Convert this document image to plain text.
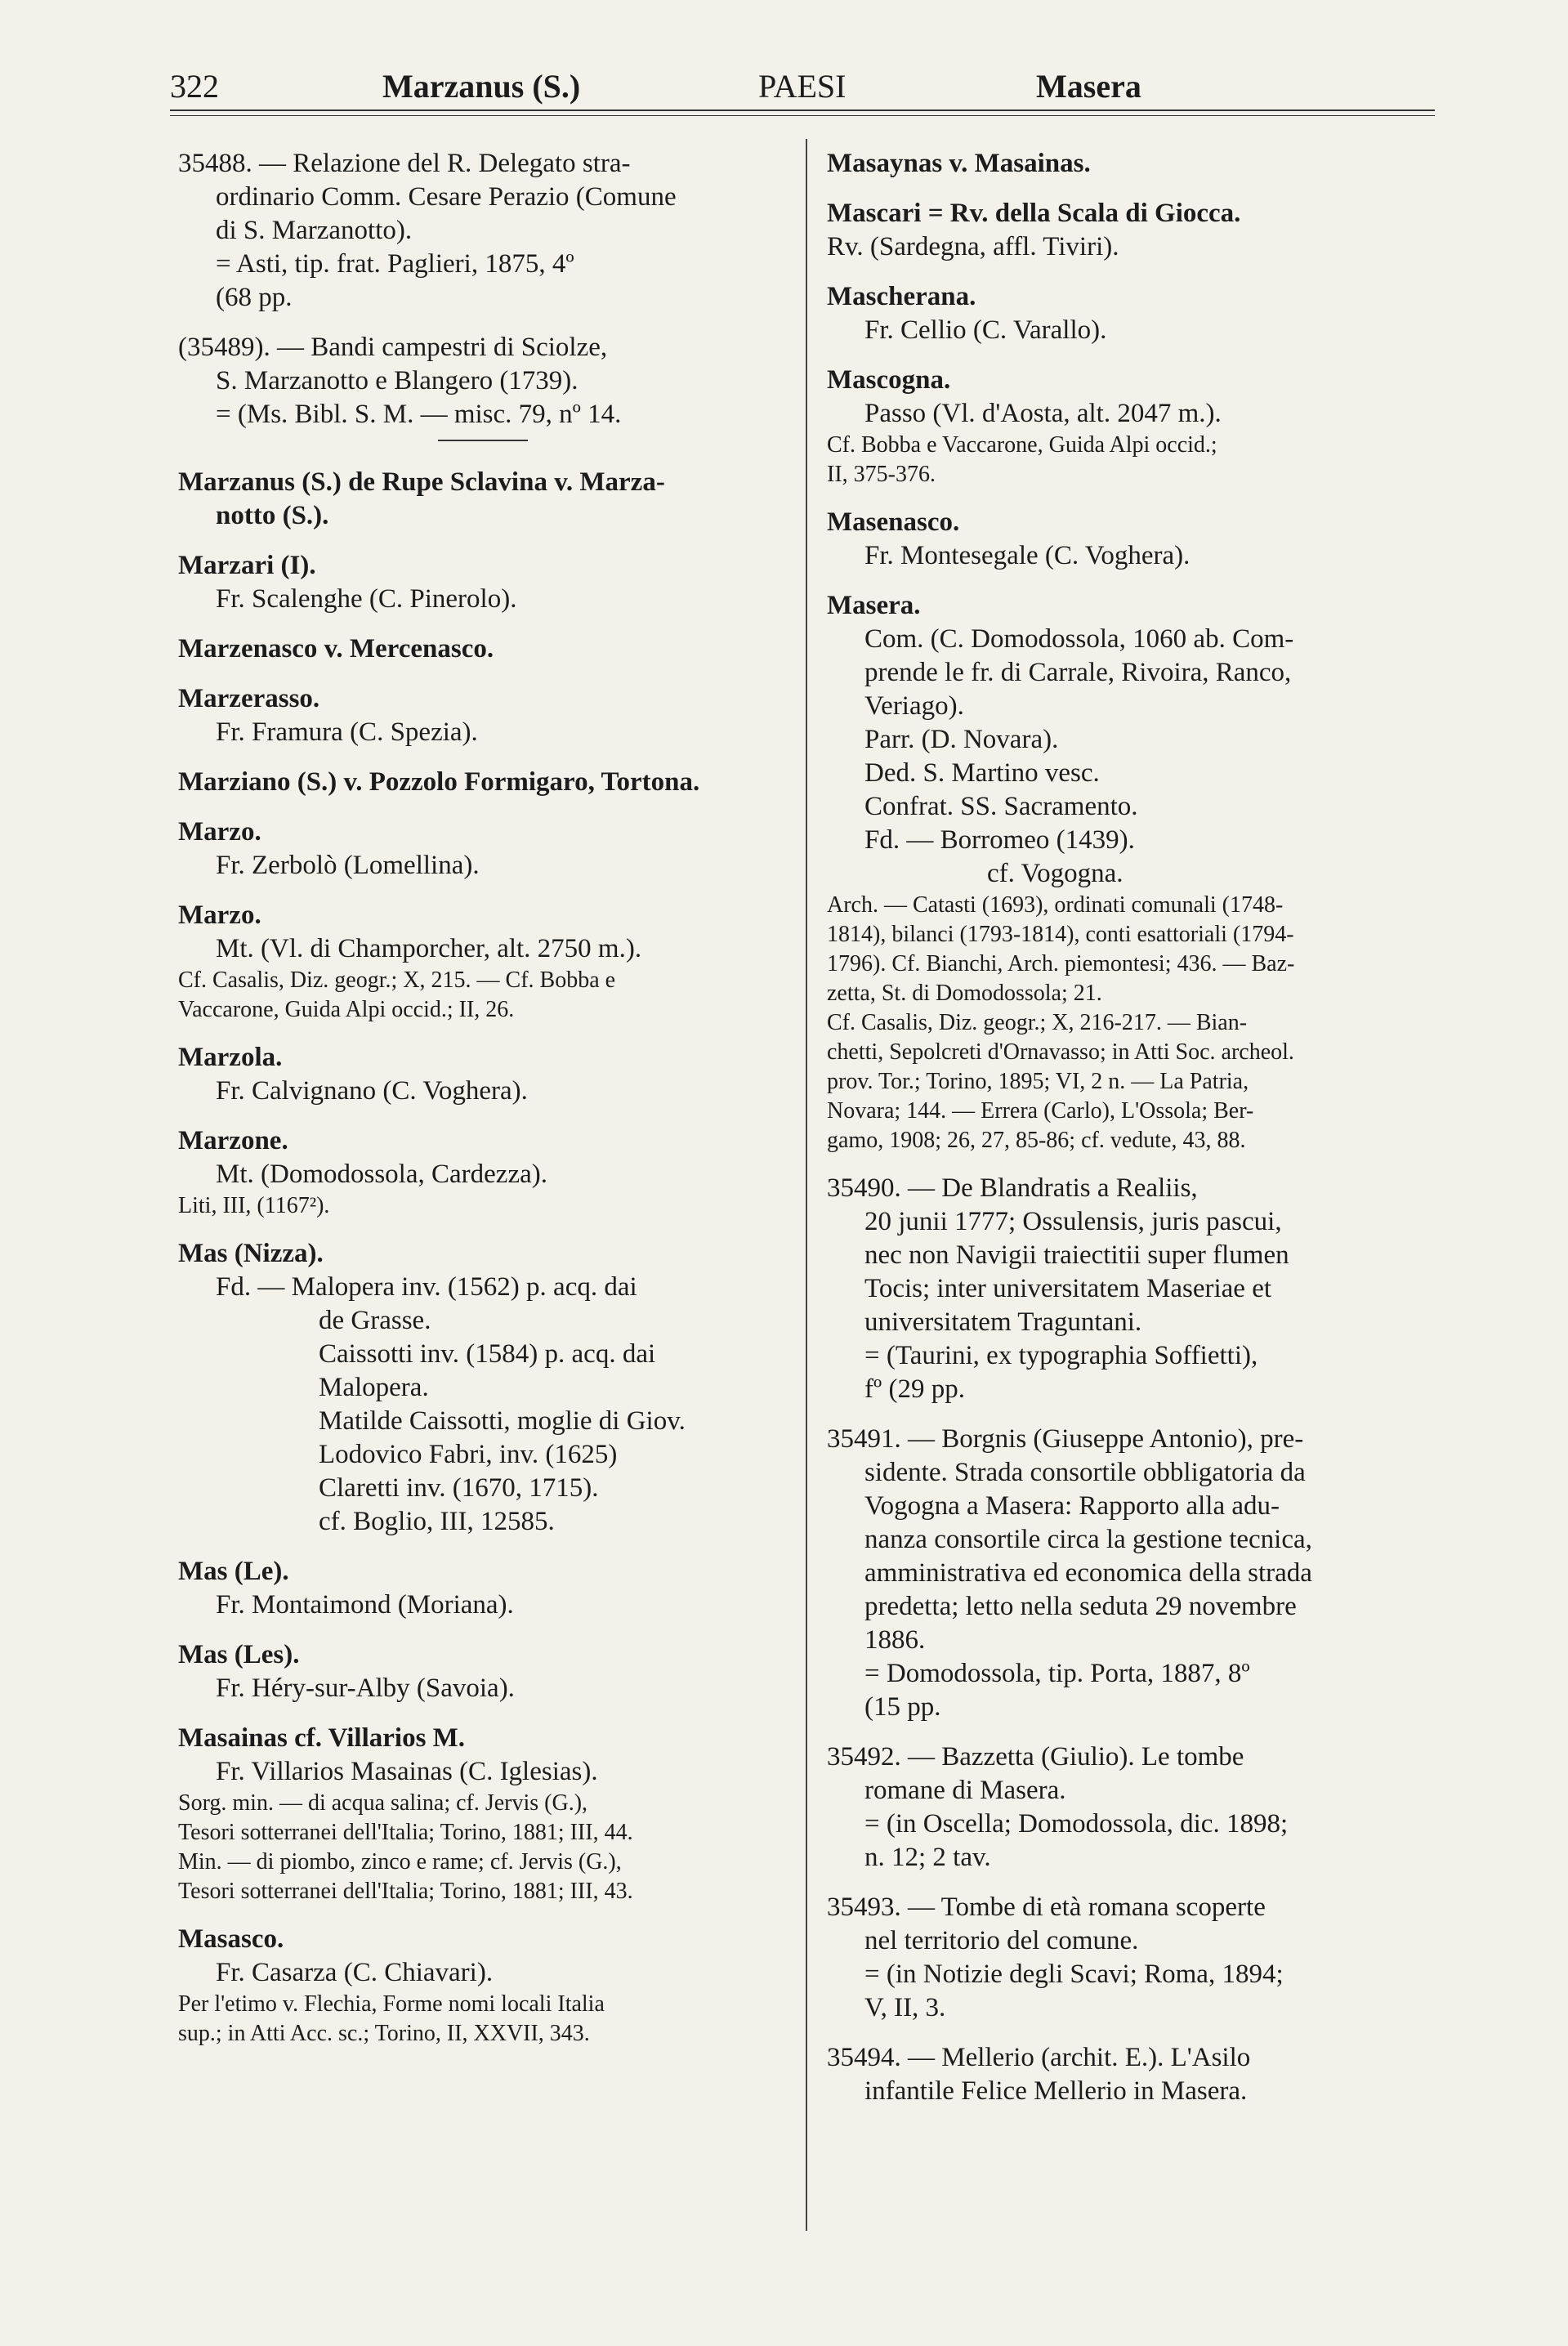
322	Marzanus (S.)	PAESI	Masera
35488. — Relazione del R. Delegato stra-
ordinario Comm. Cesare Perazio (Comune
di S. Marzanotto).
= Asti, tip. frat. Paglieri, 1875, 4º
(68 pp.
(35489). — Bandi campestri di Sciolze,
S. Marzanotto e Blangero (1739).
= (Ms. Bibl. S. M. — misc. 79, nº 14.
Marzanus (S.) de Rupe Sclavina v. Marza-
notto (S.).
Marzari (I).
Fr. Scalenghe (C. Pinerolo).
Marzenasco v. Mercenasco.
Marzerasso.
Fr. Framura (C. Spezia).
Marziano (S.) v. Pozzolo Formigaro, Tortona.
Marzo.
Fr. Zerbolò (Lomellina).
Marzo.
Mt. (Vl. di Champorcher, alt. 2750 m.).
Cf. Casalis, Diz. geogr.; X, 215. — Cf. Bobba e
Vaccarone, Guida Alpi occid.; II, 26.
Marzola.
Fr. Calvignano (C. Voghera).
Marzone.
Mt. (Domodossola, Cardezza).
Liti, III, (1167²).
Mas (Nizza).
Fd. — Malopera inv. (1562) p. acq. dai
de Grasse.
Caissotti inv. (1584) p. acq. dai
Malopera.
Matilde Caissotti, moglie di Giov.
Lodovico Fabri, inv. (1625)
Claretti inv. (1670, 1715).
cf. Boglio, III, 12585.
Mas (Le).
Fr. Montaimond (Moriana).
Mas (Les).
Fr. Héry-sur-Alby (Savoia).
Masainas cf. Villarios M.
Fr. Villarios Masainas (C. Iglesias).
Sorg. min. — di acqua salina; cf. Jervis (G.),
Tesori sotterranei dell'Italia; Torino, 1881; III, 44.
Min. — di piombo, zinco e rame; cf. Jervis (G.),
Tesori sotterranei dell'Italia; Torino, 1881; III, 43.
Masasco.
Fr. Casarza (C. Chiavari).
Per l'etimo v. Flechia, Forme nomi locali Italia
sup.; in Atti Acc. sc.; Torino, II, XXVII, 343.
Masaynas v. Masainas.
Mascari = Rv. della Scala di Giocca.
Rv. (Sardegna, affl. Tiviri).
Mascherana.
Fr. Cellio (C. Varallo).
Mascogna.
Passo (Vl. d'Aosta, alt. 2047 m.).
Cf. Bobba e Vaccarone, Guida Alpi occid.;
II, 375-376.
Masenasco.
Fr. Montesegale (C. Voghera).
Masera.
Com. (C. Domodossola, 1060 ab. Com-
prende le fr. di Carrale, Rivoira, Ranco,
Veriago).
Parr. (D. Novara).
Ded. S. Martino vesc.
Confrat. SS. Sacramento.
Fd. — Borromeo (1439).
cf. Vogogna.
Arch. — Catasti (1693), ordinati comunali (1748-
1814), bilanci (1793-1814), conti esattoriali (1794-
1796). Cf. Bianchi, Arch. piemontesi; 436. — Baz-
zetta, St. di Domodossola; 21.
Cf. Casalis, Diz. geogr.; X, 216-217. — Bian-
chetti, Sepolcreti d'Ornavasso; in Atti Soc. archeol.
prov. Tor.; Torino, 1895; VI, 2 n. — La Patria,
Novara; 144. — Errera (Carlo), L'Ossola; Ber-
gamo, 1908; 26, 27, 85-86; cf. vedute, 43, 88.
35490. — De Blandratis a Realiis,
20 junii 1777; Ossulensis, juris pascui,
nec non Navigii traiectitii super flumen
Tocis; inter universitatem Maseriae et
universitatem Traguntani.
= (Taurini, ex typographia Soffietti),
fº (29 pp.
35491. — Borgnis (Giuseppe Antonio), pre-
sidente. Strada consortile obbligatoria da
Vogogna a Masera: Rapporto alla adu-
nanza consortile circa la gestione tecnica,
amministrativa ed economica della strada
predetta; letto nella seduta 29 novembre
1886.
= Domodossola, tip. Porta, 1887, 8º
(15 pp.
35492. — Bazzetta (Giulio). Le tombe
romane di Masera.
= (in Oscella; Domodossola, dic. 1898;
n. 12; 2 tav.
35493. — Tombe di età romana scoperte
nel territorio del comune.
= (in Notizie degli Scavi; Roma, 1894;
V, II, 3.
35494. — Mellerio (archit. E.). L'Asilo
infantile Felice Mellerio in Masera.
